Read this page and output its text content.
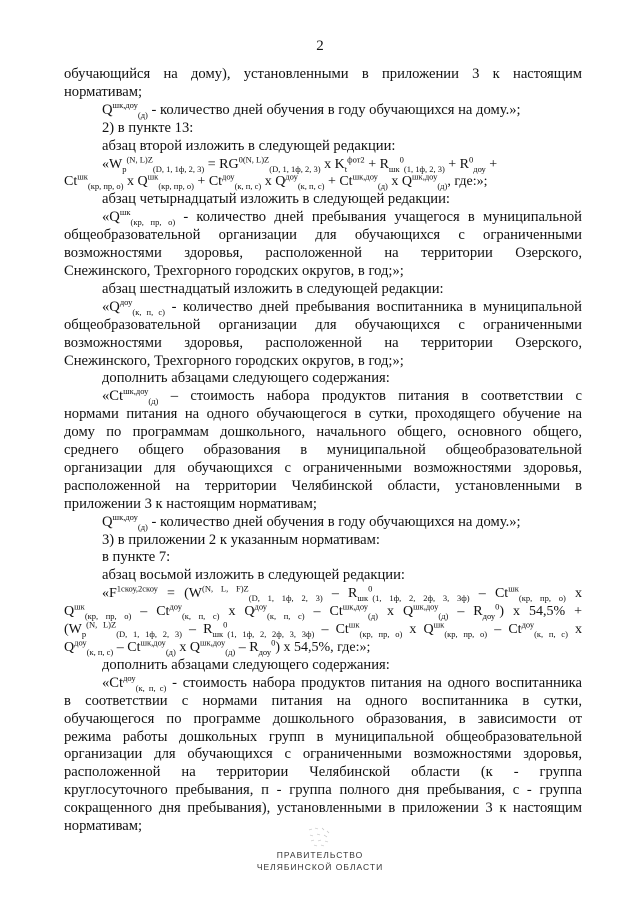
2

обучающийся на дому), установленными в приложении 3 к настоящим

нормативам;

$Q^{шк,доу}_{(д)}$ - количество дней обучения в году обучающихся на дому.»;

2) в пункте 13:

абзац второй изложить в следующей редакции:

«$W_р^{(N, L)Z}_{(D, 1, 1ф, 2, 3)} = RG^{0(N, L)Z}_{(D, 1, 1ф, 2, 3)}$ x $K_t^{фот2} + R_{шк}^0_{(1, 1ф, 2, 3)} + R^0_{доу}$ +

$Ct^{шк}_{(кр, пр, о)}$ x $Q^{шк}_{(кр, пр, о)} + Ct^{доу}_{(к, п, с)}$ x $Q^{доу}_{(к, п, с)} + Ct^{шк,доу}_{(д)}$ x $Q^{шк,доу}_{(д)}$, где:»;

абзац четырнадцатый изложить в следующей редакции:

«$Q^{шк}_{(кр, пр, о)}$ - количество дней пребывания учащегося в муниципальной

общеобразовательной организации для обучающихся с ограниченными

возможностями здоровья, расположенной на территории Озерского,

Снежинского, Трехгорного городских округов, в год;»;

абзац шестнадцатый изложить в следующей редакции:

«$Q^{доу}_{(к, п, с)}$ - количество дней пребывания воспитанника в муниципальной

общеобразовательной организации для обучающихся с ограниченными

возможностями здоровья, расположенной на территории Озерского,

Снежинского, Трехгорного городских округов, в год;»;

дополнить абзацами следующего содержания:

«$Ct^{шк,доу}_{(д)}$ – стоимость набора продуктов питания в соответствии с

нормами питания на одного обучающегося в сутки, проходящего обучение на

дому по программам дошкольного, начального общего, основного общего,

среднего общего образования в муниципальной общеобразовательной

организации для обучающихся с ограниченными возможностями здоровья,

расположенной на территории Челябинской области, установленными в

приложении 3 к настоящим нормативам;

$Q^{шк,доу}_{(д)}$ - количество дней обучения в году обучающихся на дому.»;

3) в приложении 2 к указанным нормативам:

в пункте 7:

абзац восьмой изложить в следующей редакции:

«$F^{1скоу,2скоу} = (W^{(N, L, F)Z}_{(D, 1, 1ф, 2, 3)} - R_{шк}^0_{(1, 1ф, 2, 2ф, 3, 3ф)} - Ct^{шк}_{(кр, пр, о)}$ x

$Q^{шк}_{(кр, пр, о)} - Ct^{доу}_{(к, п, с)}$ x $Q^{доу}_{(к, п, с)} - Ct^{шк,доу}_{(д)}$ x $Q^{шк,доу}_{(д)} - R_{доу}^0$) x 54,5% +

($W_р^{(N, L)Z}_{(D, 1, 1ф, 2, 3)} - R_{шк}^0_{(1, 1ф, 2, 2ф, 3, 3ф)} - Ct^{шк}_{(кр, пр, о)}$ x $Q^{шк}_{(кр, пр, о)} - Ct^{доу}_{(к, п, с)}$ x

$Q^{доу}_{(к, п, с)} - Ct^{шк,доу}_{(д)}$ x $Q^{шк,доу}_{(д)} - R_{доу}^0$) x 54,5%, где:»;

дополнить абзацами следующего содержания:

«$Ct^{доу}_{(к, п, с)}$ - стоимость набора продуктов питания на одного воспитанника

в соответствии с нормами питания на одного воспитанника в сутки,

обучающегося по программе дошкольного образования, в зависимости от

режима работы дошкольных групп в муниципальной общеобразовательной

организации для обучающихся с ограниченными возможностями здоровья,

расположенной на территории Челябинской области (к - группа

круглосуточного пребывания, п - группа полного дня пребывания, с - группа

сокращенного дня пребывания), установленными в приложении 3 к настоящим

нормативам;

ПРАВИТЕЛЬСТВО
ЧЕЛЯБИНСКОЙ ОБЛАСТИ
